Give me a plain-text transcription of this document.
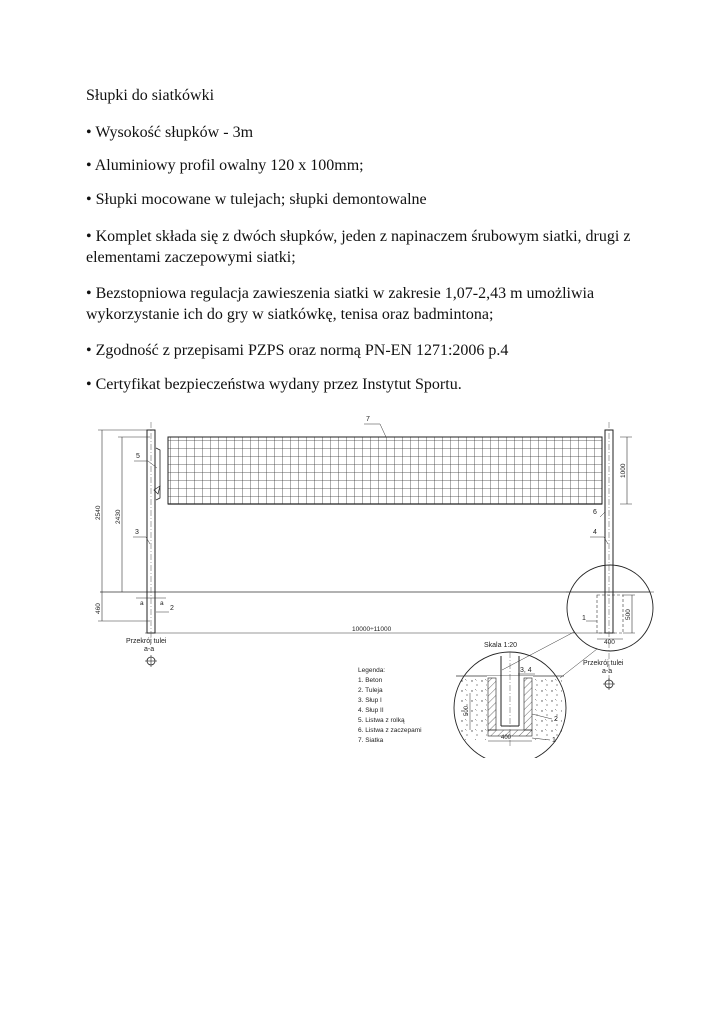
Słupki do siatkówki

• Wysokość słupków - 3m

• Aluminiowy profil owalny 120 x 100mm;

• Słupki mocowane w tulejach; słupki demontowalne

• Komplet składa się z dwóch słupków, jeden z napinaczem śrubowym siatki, drugi z elementami zaczepowymi siatki;

• Bezstopniowa regulacja zawieszenia siatki w zakresie 1,07-2,43 m umożliwia wykorzystanie ich do gry w siatkówkę, tenisa oraz badmintona;

• Zgodność z przepisami PZPS oraz normą PN-EN 1271:2006 p.4

• Certyfikat bezpieczeństwa wydany przez Instytut Sportu.

10000÷11000
2540 2430
460
1000
a	a
7
5
3
2
6
4
Przekrój tulei
a-a
500
400
1
Przekrój tulei
a-a
Skala 1:20
500
400
3, 4
2
1
Legenda:
1. Beton
2. Tuleja
3. Słup I
4. Słup II
5. Listwa z rolką
6. Listwa z zaczepami
7. Siatka
